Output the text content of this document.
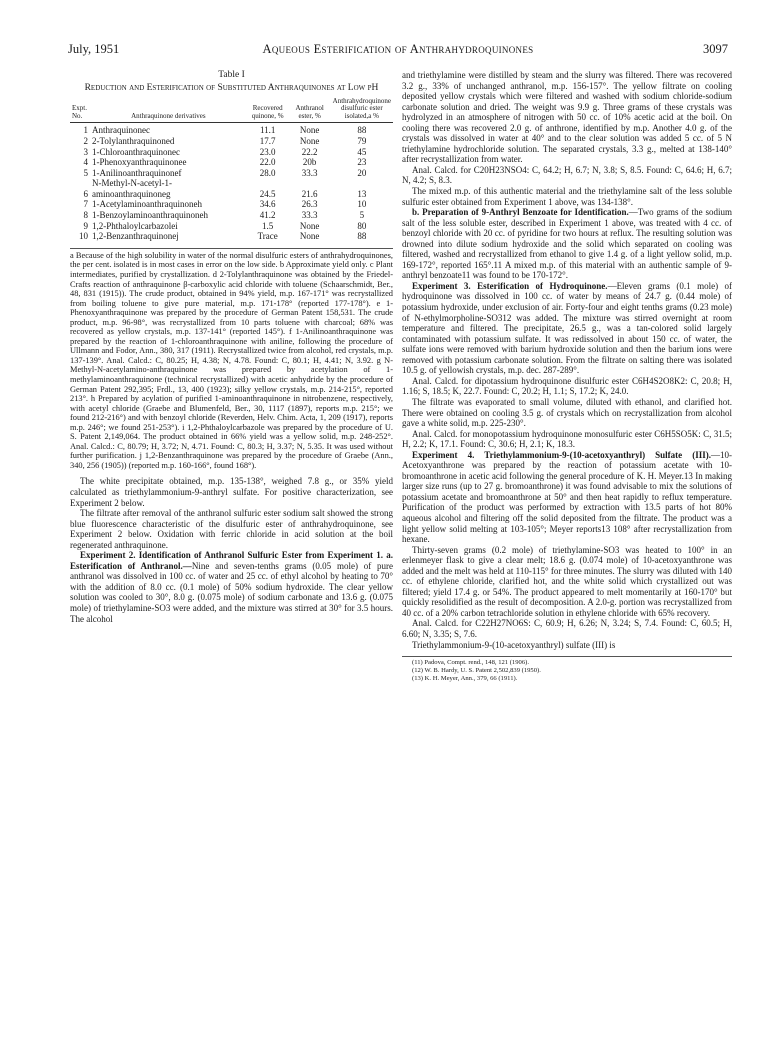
July, 1951	Aqueous Esterification of Anthrahydroquinones	3097
Table I
Reduction and Esterification of Substituted Anthraquinones at Low pH
Expt. No.	Anthraquinone derivatives	Recovered quinone, %	Anthranol ester, %	Anthrahydroquinone disulfuric ester isolated,a %
1	Anthraquinonec	11.1	None	88
2	2-Tolylanthraquinoned	17.7	None	79
3	1-Chloroanthraquinonec	23.0	22.2	45
4	1-Phenoxyanthraquinonee	22.0	20b	23
5	1-Anilinoanthraquinonef	28.0	33.3	20
6	N-Methyl-N-acetyl-1-aminoanthraquinoneg	24.5	21.6	13
7	1-Acetylaminoanthraquinoneh	34.6	26.3	10
8	1-Benzoylaminoanthraquinoneh	41.2	33.3	5
9	1,2-Phthaloylcarbazolei	1.5	None	80
10	1,2-Benzanthraquinonej	Trace	None	88
a Because of the high solubility in water of the normal disulfuric esters of anthrahydroquinones, the per cent. isolated is in most cases in error on the low side. b Approximate yield only. c Plant intermediates, purified by crystallization. d 2-Tolylanthraquinone was obtained by the Friedel-Crafts reaction of anthraquinone β-carboxylic acid chloride with toluene (Schaarschmidt, Ber., 48, 831 (1915)). The crude product, obtained in 94% yield, m.p. 167-171° was recrystallized from boiling toluene to give pure material, m.p. 171-178° (reported 177-178°). e 1-Phenoxyanthraquinone was prepared by the procedure of German Patent 158,531. The crude product, m.p. 96-98°, was recrystallized from 10 parts toluene with charcoal; 68% was recovered as yellow crystals, m.p. 137-141° (reported 145°). f 1-Anilinoanthraquinone was prepared by the reaction of 1-chloroanthraquinone with aniline, following the procedure of Ullmann and Fodor, Ann., 380, 317 (1911). Recrystallized twice from alcohol, red crystals, m.p. 137-139°. Anal. Calcd.: C, 80.25; H, 4.38; N, 4.78. Found: C, 80.1; H, 4.41; N, 3.92. g N-Methyl-N-acetylamino-anthraquinone was prepared by acetylation of 1-methylaminoanthraquinone (technical recrystallized) with acetic anhydride by the procedure of German Patent 292,395; Frdl., 13, 400 (1923); silky yellow crystals, m.p. 214-215°, reported 213°. h Prepared by acylation of purified 1-aminoanthraquinone in nitrobenzene, respectively, with acetyl chloride (Graebe and Blumenfeld, Ber., 30, 1117 (1897), reports m.p. 215°; we found 212-216°) and with benzoyl chloride (Reverden, Helv. Chim. Acta, 1, 209 (1917), reports m.p. 246°; we found 251-253°). i 1,2-Phthaloylcarbazole was prepared by the procedure of U. S. Patent 2,149,064. The product obtained in 66% yield was a yellow solid, m.p. 248-252°. Anal. Calcd.: C, 80.79; H, 3.72; N, 4.71. Found: C, 80.3; H, 3.37; N, 5.35. It was used without further purification. j 1,2-Benzanthraquinone was prepared by the procedure of Graebe (Ann., 340, 256 (1905)) (reported m.p. 160-166°, found 168°).

The white precipitate obtained, m.p. 135-138°, weighed 7.8 g., or 35% yield calculated as triethylammonium-9-anthryl sulfate. For positive characterization, see Experiment 2 below.

The filtrate after removal of the anthranol sulfuric ester sodium salt showed the strong blue fluorescence characteristic of the disulfuric ester of anthrahydroquinone, see Experiment 2 below. Oxidation with ferric chloride in acid solution at the boil regenerated anthraquinone.

Experiment 2. Identification of Anthranol Sulfuric Ester from Experiment 1. a. Esterification of Anthranol.—Nine and seven-tenths grams (0.05 mole) of pure anthranol was dissolved in 100 cc. of water and 25 cc. of ethyl alcohol by heating to 70° with the addition of 8.0 cc. (0.1 mole) of 50% sodium hydroxide. The clear yellow solution was cooled to 30°, 8.0 g. (0.075 mole) of sodium carbonate and 13.6 g. (0.075 mole) of triethylamine-SO3 were added, and the mixture was stirred at 30° for 3.5 hours. The alcohol

and triethylamine were distilled by steam and the slurry was filtered. There was recovered 3.2 g., 33% of unchanged anthranol, m.p. 156-157°. The yellow filtrate on cooling deposited yellow crystals which were filtered and washed with sodium chloride-sodium carbonate solution and dried. The weight was 9.9 g. Three grams of these crystals was hydrolyzed in an atmosphere of nitrogen with 50 cc. of 10% acetic acid at the boil. On cooling there was recovered 2.0 g. of anthrone, identified by m.p. Another 4.0 g. of the crystals was dissolved in water at 40° and to the clear solution was added 5 cc. of 5 N triethylamine hydrochloride solution. The separated crystals, 3.3 g., melted at 138-140° after recrystallization from water.

Anal. Calcd. for C20H23NSO4: C, 64.2; H, 6.7; N, 3.8; S, 8.5. Found: C, 64.6; H, 6.7; N, 4.2; S, 8.3.

The mixed m.p. of this authentic material and the triethylamine salt of the less soluble sulfuric ester obtained from Experiment 1 above, was 134-138°.

b. Preparation of 9-Anthryl Benzoate for Identification.—Two grams of the sodium salt of the less soluble ester, described in Experiment 1 above, was treated with 4 cc. of benzoyl chloride with 20 cc. of pyridine for two hours at reflux. The resulting solution was drowned into dilute sodium hydroxide and the solid which separated on cooling was filtered, washed and recrystallized from ethanol to give 1.4 g. of a light yellow solid, m.p. 169-172°, reported 165°.11 A mixed m.p. of this material with an authentic sample of 9-anthryl benzoate11 was found to be 170-172°.

Experiment 3. Esterification of Hydroquinone.—Eleven grams (0.1 mole) of hydroquinone was dissolved in 100 cc. of water by means of 24.7 g. (0.44 mole) of potassium hydroxide, under exclusion of air. Forty-four and eight tenths grams (0.23 mole) of N-ethylmorpholine-SO312 was added. The mixture was stirred overnight at room temperature and filtered. The precipitate, 26.5 g., was a tan-colored solid largely contaminated with potassium sulfate. It was redissolved in about 150 cc. of water, the sulfate ions were removed with barium hydroxide solution and then the barium ions were removed with potassium carbonate solution. From the filtrate on salting there was isolated 10.5 g. of yellowish crystals, m.p. dec. 287-289°.

Anal. Calcd. for dipotassium hydroquinone disulfuric ester C6H4S2O8K2: C, 20.8; H, 1.16; S, 18.5; K, 22.7. Found: C, 20.2; H, 1.1; S, 17.2; K, 24.0.

The filtrate was evaporated to small volume, diluted with ethanol, and clarified hot. There were obtained on cooling 3.5 g. of crystals which on recrystallization from alcohol gave a white solid, m.p. 225-230°.

Anal. Calcd. for monopotassium hydroquinone monosulfuric ester C6H5SO5K: C, 31.5; H, 2.2; K, 17.1. Found: C, 30.6; H, 2.1; K, 18.3.

Experiment 4. Triethylammonium-9-(10-acetoxyanthryl) Sulfate (III).—10-Acetoxyanthrone was prepared by the reaction of potassium acetate with 10-bromoanthrone in acetic acid following the general procedure of K. H. Meyer.13 In making larger size runs (up to 27 g. bromoanthrone) it was found advisable to mix the solutions of potassium acetate and bromoanthrone at 50° and then heat rapidly to reflux temperature. Purification of the product was performed by extraction with 13.5 parts of hot 80% aqueous alcohol and filtering off the solid deposited from the filtrate. The product was a light yellow solid melting at 103-105°; Meyer reports13 108° after recrystallization from hexane.

Thirty-seven grams (0.2 mole) of triethylamine-SO3 was heated to 100° in an erlenmeyer flask to give a clear melt; 18.6 g. (0.074 mole) of 10-acetoxyanthrone was added and the melt was held at 110-115° for three minutes. The slurry was diluted with 140 cc. of ethylene chloride, clarified hot, and the white solid which crystallized out was filtered; yield 17.4 g. or 54%. The product appeared to melt momentarily at 160-170° but quickly resolidified as the result of decomposition. A 2.0-g. portion was recrystallized from 40 cc. of a 20% carbon tetrachloride solution in ethylene chloride with 65% recovery.

Anal. Calcd. for C22H27NO6S: C, 60.9; H, 6.26; N, 3.24; S, 7.4. Found: C, 60.5; H, 6.60; N, 3.35; S, 7.6.

Triethylammonium-9-(10-acetoxyanthryl) sulfate (III) is

(11) Padova, Compt. rend., 148, 121 (1906).
(12) W. B. Hardy, U. S. Patent 2,502,839 (1950).
(13) K. H. Meyer, Ann., 379, 66 (1911).
